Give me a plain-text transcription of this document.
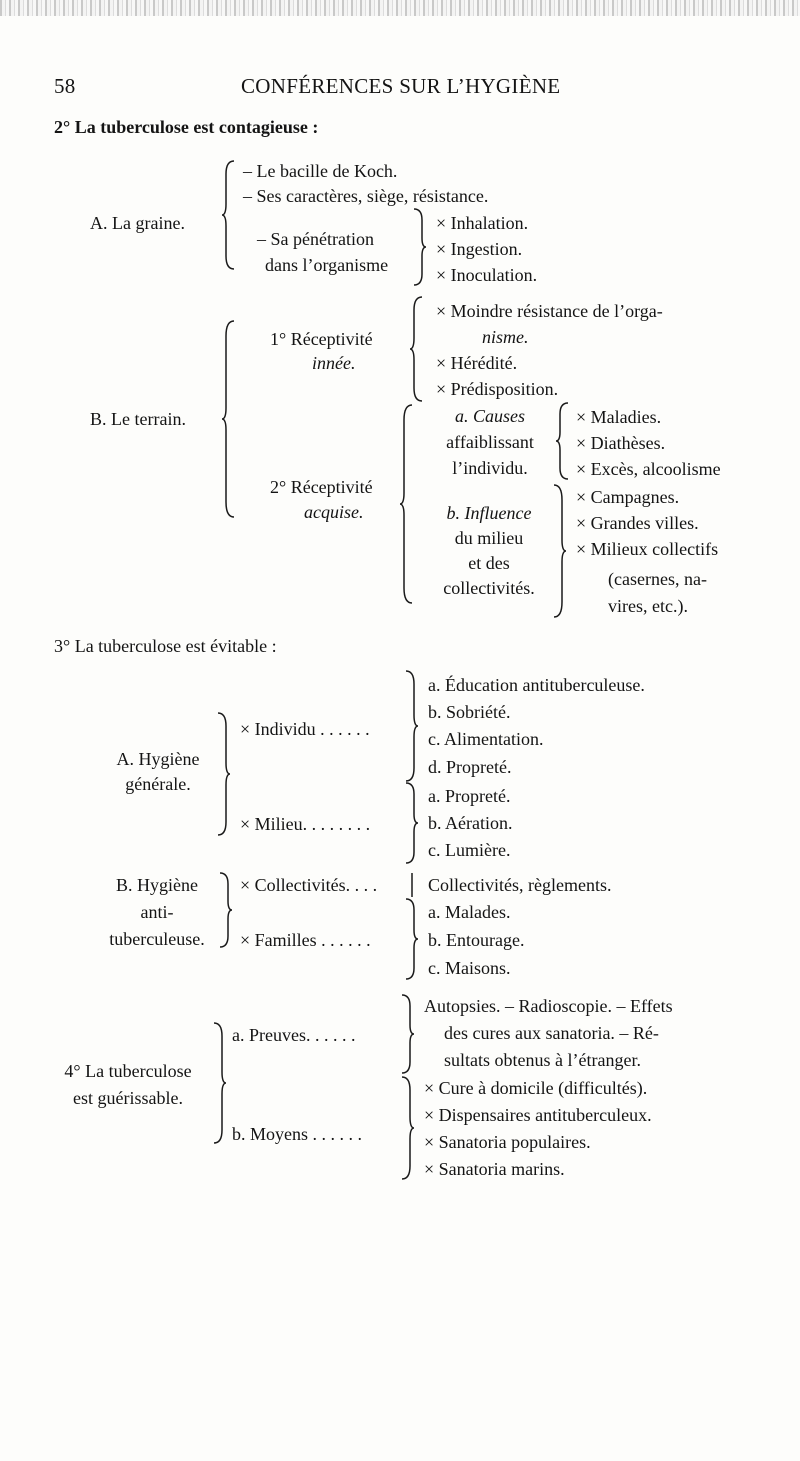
58	CONFÉRENCES SUR L’HYGIÈNE
2° La tuberculose est contagieuse :
A. La graine.
– Le bacille de Koch.
– Ses caractères, siège, résistance.
– Sa pénétration
dans l’organisme
× Inhalation.
× Ingestion.
× Inoculation.
B. Le terrain.
1° Réceptivité
innée.
× Moindre résistance de l’orga-
nisme.
× Hérédité.
× Prédisposition.
2° Réceptivité
acquise.
a. Causes
affaiblissant
l’individu.
× Maladies.
× Diathèses.
× Excès, alcoolisme
b. Influence
du milieu
et des
collectivités.
× Campagnes.
× Grandes villes.
× Milieux collectifs
(casernes, na-
vires, etc.).
3° La tuberculose est évitable :
A. Hygiène
générale.
× Individu . . . . . .
a. Éducation antituberculeuse.
b. Sobriété.
c. Alimentation.
d. Propreté.
× Milieu. . . . . . . .
a. Propreté.
b. Aération.
c. Lumière.
B. Hygiène
anti-
tuberculeuse.
× Collectivités. . . .	Collectivités, règlements.
× Familles . . . . . .
a. Malades.
b. Entourage.
c. Maisons.
4° La tuberculose
est guérissable.
a. Preuves. . . . . .
Autopsies. – Radioscopie. – Effets
des cures aux sanatoria. – Ré-
sultats obtenus à l’étranger.
b. Moyens . . . . . .
× Cure à domicile (difficultés).
× Dispensaires antituberculeux.
× Sanatoria populaires.
× Sanatoria marins.
